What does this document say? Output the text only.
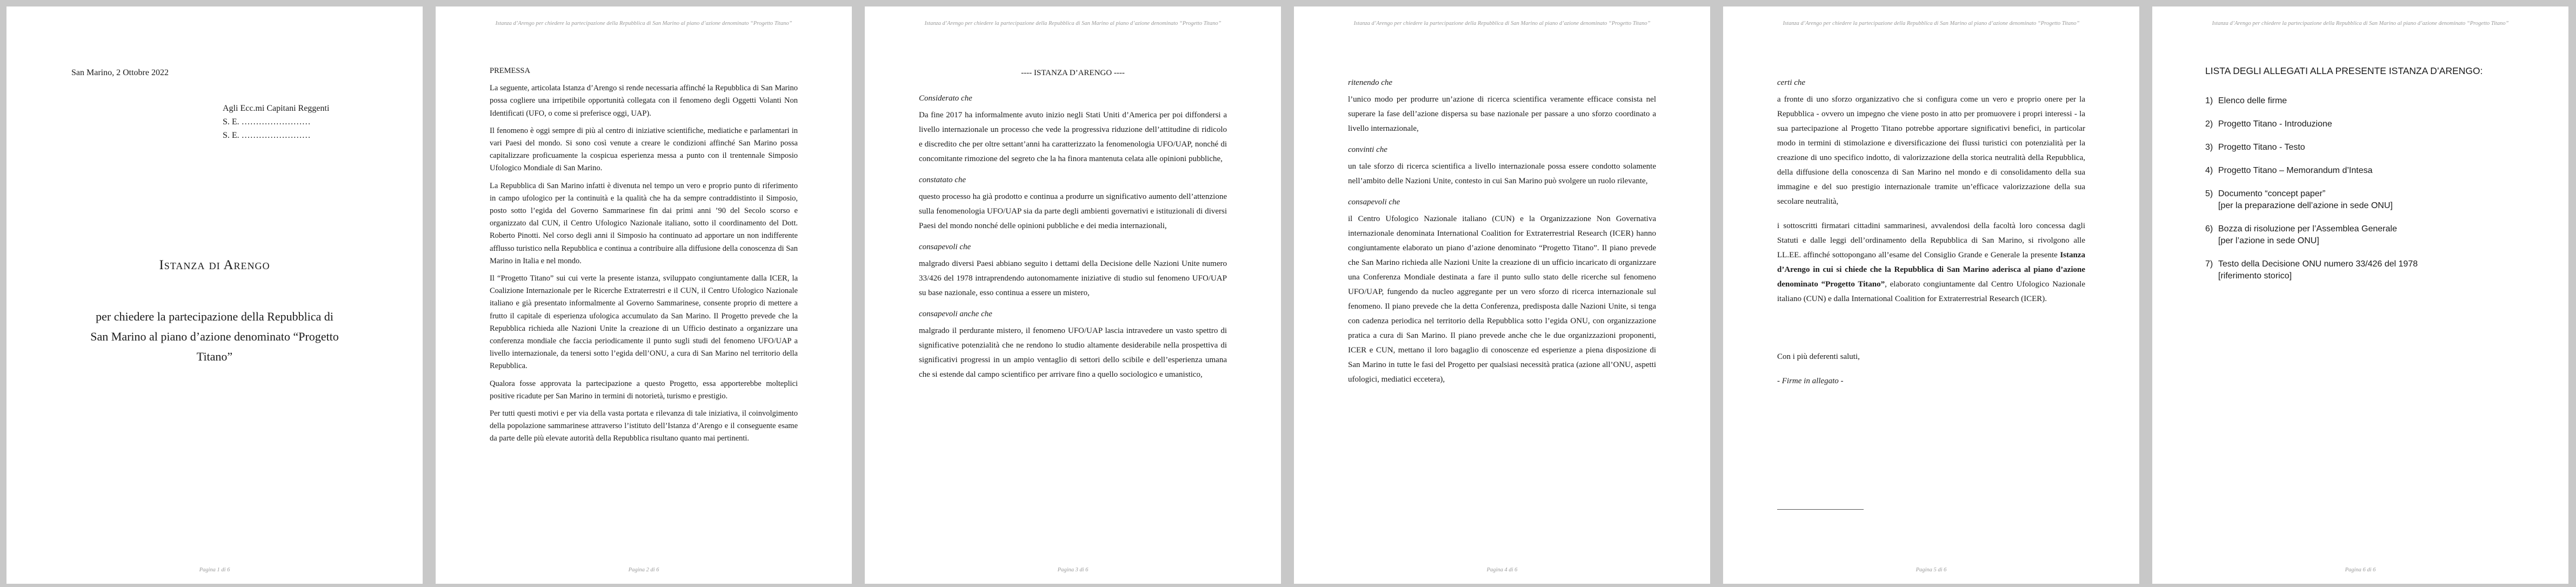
San Marino, 2 Ottobre 2022
Agli Ecc.mi Capitani Reggenti
S. E. ……………………
S. E. ……………………
Istanza di Arengo
per chiedere la partecipazione della Repubblica di San Marino al piano d’azione denominato “Progetto Titano”
Pagina 1 di 6
Istanza d’Arengo per chiedere la partecipazione della Repubblica di San Marino al piano d’azione denominato “Progetto Titano”

PREMESSA

La seguente, articolata Istanza d’Arengo si rende necessaria affinché la Repubblica di San Marino possa cogliere una irripetibile opportunità collegata con il fenomeno degli Oggetti Volanti Non Identificati (UFO, o come si preferisce oggi, UAP).

Il fenomeno è oggi sempre di più al centro di iniziative scientifiche, mediatiche e parlamentari in vari Paesi del mondo. Si sono così venute a creare le condizioni affinché San Marino possa capitalizzare proficuamente la cospicua esperienza messa a punto con il trentennale Simposio Ufologico Mondiale di San Marino.

La Repubblica di San Marino infatti è divenuta nel tempo un vero e proprio punto di riferimento in campo ufologico per la continuità e la qualità che ha da sempre contraddistinto il Simposio, posto sotto l’egida del Governo Sammarinese fin dai primi anni ’90 del Secolo scorso e organizzato dal CUN, il Centro Ufologico Nazionale italiano, sotto il coordinamento del Dott. Roberto Pinotti. Nel corso degli anni il Simposio ha continuato ad apportare un non indifferente afflusso turistico nella Repubblica e continua a contribuire alla diffusione della conoscenza di San Marino in Italia e nel mondo.

Il “Progetto Titano” sui cui verte la presente istanza, sviluppato congiuntamente dalla ICER, la Coalizione Internazionale per le Ricerche Extraterrestri e il CUN, il Centro Ufologico Nazionale italiano e già presentato informalmente al Governo Sammarinese, consente proprio di mettere a frutto il capitale di esperienza ufologica accumulato da San Marino. Il Progetto prevede che la Repubblica richieda alle Nazioni Unite la creazione di un Ufficio destinato a organizzare una conferenza mondiale che faccia periodicamente il punto sugli studi del fenomeno UFO/UAP a livello internazionale, da tenersi sotto l’egida dell’ONU, a cura di San Marino nel territorio della Repubblica.

Qualora fosse approvata la partecipazione a questo Progetto, essa apporterebbe molteplici positive ricadute per San Marino in termini di notorietà, turismo e prestigio.

Per tutti questi motivi e per via della vasta portata e rilevanza di tale iniziativa, il coinvolgimento della popolazione sammarinese attraverso l’istituto dell’Istanza d’Arengo e il conseguente esame da parte delle più elevate autorità della Repubblica risultano quanto mai pertinenti.

Pagina 2 di 6
Istanza d’Arengo per chiedere la partecipazione della Repubblica di San Marino al piano d’azione denominato “Progetto Titano”
---- ISTANZA D’ARENGO ----
Considerato che

Da fine 2017 ha informalmente avuto inizio negli Stati Uniti d’America per poi diffondersi a livello internazionale un processo che vede la progressiva riduzione dell’attitudine di ridicolo e discredito che per oltre settant’anni ha caratterizzato la fenomenologia UFO/UAP, nonché di concomitante rimozione del segreto che la ha finora mantenuta celata alle opinioni pubbliche,

constatato che

questo processo ha già prodotto e continua a produrre un significativo aumento dell’attenzione sulla fenomenologia UFO/UAP sia da parte degli ambienti governativi e istituzionali di diversi Paesi del mondo nonché delle opinioni pubbliche e dei media internazionali,

consapevoli che

malgrado diversi Paesi abbiano seguito i dettami della Decisione delle Nazioni Unite numero 33/426 del 1978 intraprendendo autonomamente iniziative di studio sul fenomeno UFO/UAP su base nazionale, esso continua a essere un mistero,

consapevoli anche che

malgrado il perdurante mistero, il fenomeno UFO/UAP lascia intravedere un vasto spettro di significative potenzialità che ne rendono lo studio altamente desiderabile nella prospettiva di significativi progressi in un ampio ventaglio di settori dello scibile e dell’esperienza umana che si estende dal campo scientifico per arrivare fino a quello sociologico e umanistico,

Pagina 3 di 6
Istanza d’Arengo per chiedere la partecipazione della Repubblica di San Marino al piano d’azione denominato “Progetto Titano”
ritenendo che

l’unico modo per produrre un’azione di ricerca scientifica veramente efficace consista nel superare la fase dell’azione dispersa su base nazionale per passare a uno sforzo coordinato a livello internazionale,

convinti che

un tale sforzo di ricerca scientifica a livello internazionale possa essere condotto solamente nell’ambito delle Nazioni Unite, contesto in cui San Marino può svolgere un ruolo rilevante,

consapevoli che

il Centro Ufologico Nazionale italiano (CUN) e la Organizzazione Non Governativa internazionale denominata International Coalition for Extraterrestrial Research (ICER) hanno congiuntamente elaborato un piano d’azione denominato “Progetto Titano”. Il piano prevede che San Marino richieda alle Nazioni Unite la creazione di un ufficio incaricato di organizzare una Conferenza Mondiale destinata a fare il punto sullo stato delle ricerche sul fenomeno UFO/UAP, fungendo da nucleo aggregante per un vero sforzo di ricerca internazionale sul fenomeno. Il piano prevede che la detta Conferenza, predisposta dalle Nazioni Unite, si tenga con cadenza periodica nel territorio della Repubblica sotto l’egida ONU, con organizzazione pratica a cura di San Marino. Il piano prevede anche che le due organizzazioni proponenti, ICER e CUN, mettano il loro bagaglio di conoscenze ed esperienze a piena disposizione di San Marino in tutte le fasi del Progetto per qualsiasi necessità pratica (azione all’ONU, aspetti ufologici, mediatici eccetera),

Pagina 4 di 6
Istanza d’Arengo per chiedere la partecipazione della Repubblica di San Marino al piano d’azione denominato “Progetto Titano”
certi che

a fronte di uno sforzo organizzativo che si configura come un vero e proprio onere per la Repubblica - ovvero un impegno che viene posto in atto per promuovere i propri interessi - la sua partecipazione al Progetto Titano potrebbe apportare significativi benefici, in particolar modo in termini di stimolazione e diversificazione dei flussi turistici con potenzialità per la creazione di uno specifico indotto, di valorizzazione della storica neutralità della Repubblica, della diffusione della conoscenza di San Marino nel mondo e di consolidamento della sua immagine e del suo prestigio internazionale tramite un’efficace valorizzazione della sua secolare neutralità,

i sottoscritti firmatari cittadini sammarinesi, avvalendosi della facoltà loro concessa dagli Statuti e dalle leggi dell’ordinamento della Repubblica di San Marino, si rivolgono alle LL.EE. affinché sottopongano all’esame del Consiglio Grande e Generale la presente Istanza d’Arengo in cui si chiede che la Repubblica di San Marino aderisca al piano d’azione denominato “Progetto Titano”, elaborato congiuntamente dal Centro Ufologico Nazionale italiano (CUN) e dalla International Coalition for Extraterrestrial Research (ICER).

Con i più deferenti saluti,

- Firme in allegato -

Pagina 5 di 6
Istanza d’Arengo per chiedere la partecipazione della Repubblica di San Marino al piano d’azione denominato “Progetto Titano”
LISTA DEGLI ALLEGATI ALLA PRESENTE ISTANZA D’ARENGO:
1) Elenco delle firme
2) Progetto Titano - Introduzione
3) Progetto Titano - Testo
4) Progetto Titano – Memorandum d’Intesa
5) Documento “concept paper”
[per la preparazione dell’azione in sede ONU]
6) Bozza di risoluzione per l’Assemblea Generale
[per l’azione in sede ONU]
7) Testo della Decisione ONU numero 33/426 del 1978
[riferimento storico]
Pagina 6 di 6
